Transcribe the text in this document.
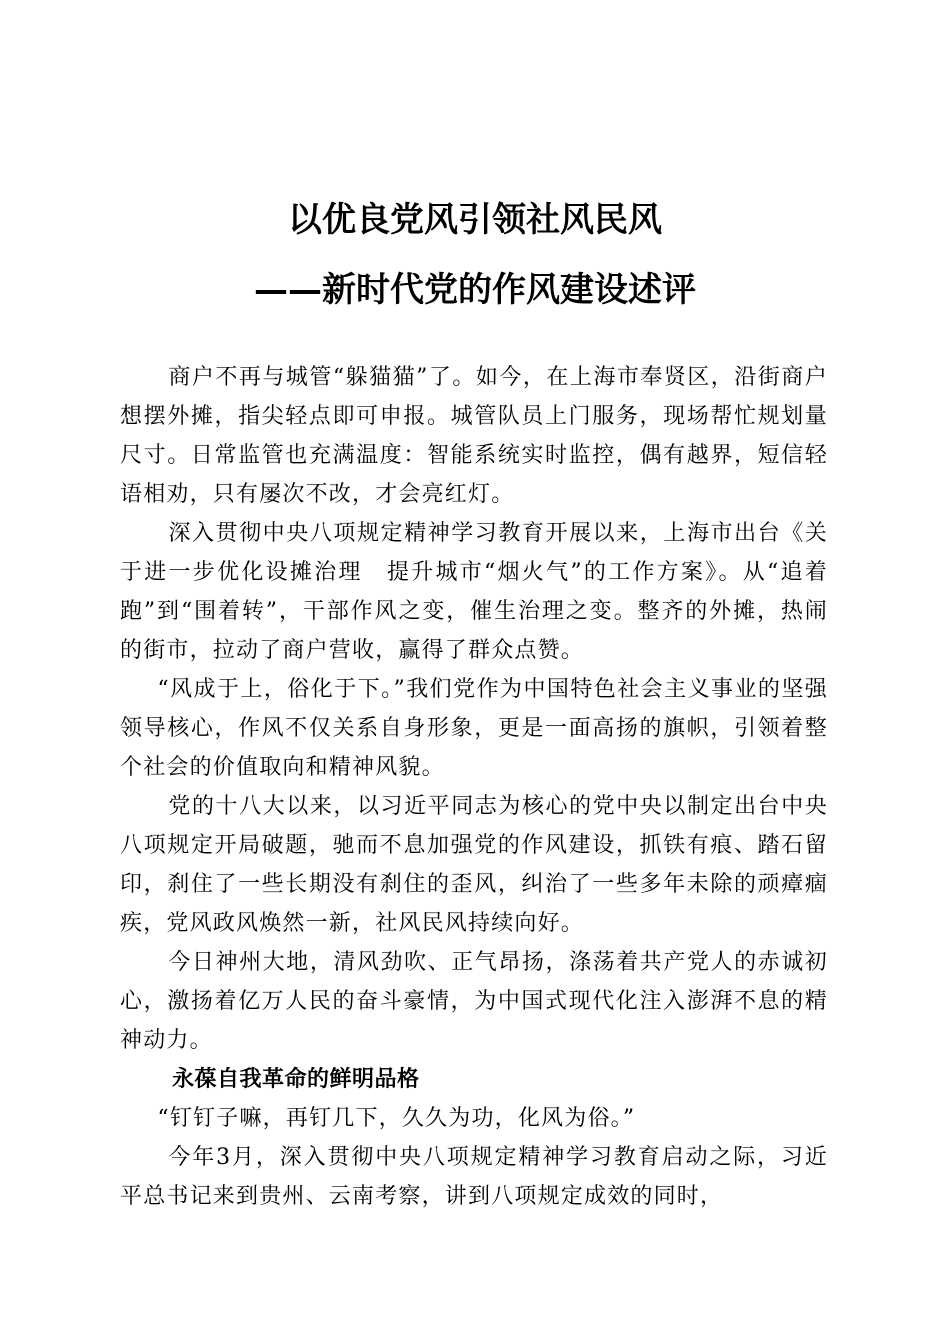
以优良党风引领社风民风
——新时代党的作风建设述评

商户不再与城管“躲猫猫”了。如今，在上海市奉贤区，沿街商户想摆外摊，指尖轻点即可申报。城管队员上门服务，现场帮忙规划量尺寸。日常监管也充满温度：智能系统实时监控，偶有越界，短信轻语相劝，只有屡次不改，才会亮红灯。

深入贯彻中央八项规定精神学习教育开展以来，上海市出台《关于进一步优化设摊治理　提升城市“烟火气”的工作方案》。从“追着跑”到“围着转”，干部作风之变，催生治理之变。整齐的外摊，热闹的街市，拉动了商户营收，赢得了群众点赞。

“风成于上，俗化于下。”我们党作为中国特色社会主义事业的坚强领导核心，作风不仅关系自身形象，更是一面高扬的旗帜，引领着整个社会的价值取向和精神风貌。

党的十八大以来，以习近平同志为核心的党中央以制定出台中央八项规定开局破题，驰而不息加强党的作风建设，抓铁有痕、踏石留印，刹住了一些长期没有刹住的歪风，纠治了一些多年未除的顽瘴痼疾，党风政风焕然一新，社风民风持续向好。

今日神州大地，清风劲吹、正气昂扬，涤荡着共产党人的赤诚初心，激扬着亿万人民的奋斗豪情，为中国式现代化注入澎湃不息的精神动力。

永葆自我革命的鲜明品格

“钉钉子嘛，再钉几下，久久为功，化风为俗。”

今年3月，深入贯彻中央八项规定精神学习教育启动之际，习近平总书记来到贵州、云南考察，讲到八项规定成效的同时，
